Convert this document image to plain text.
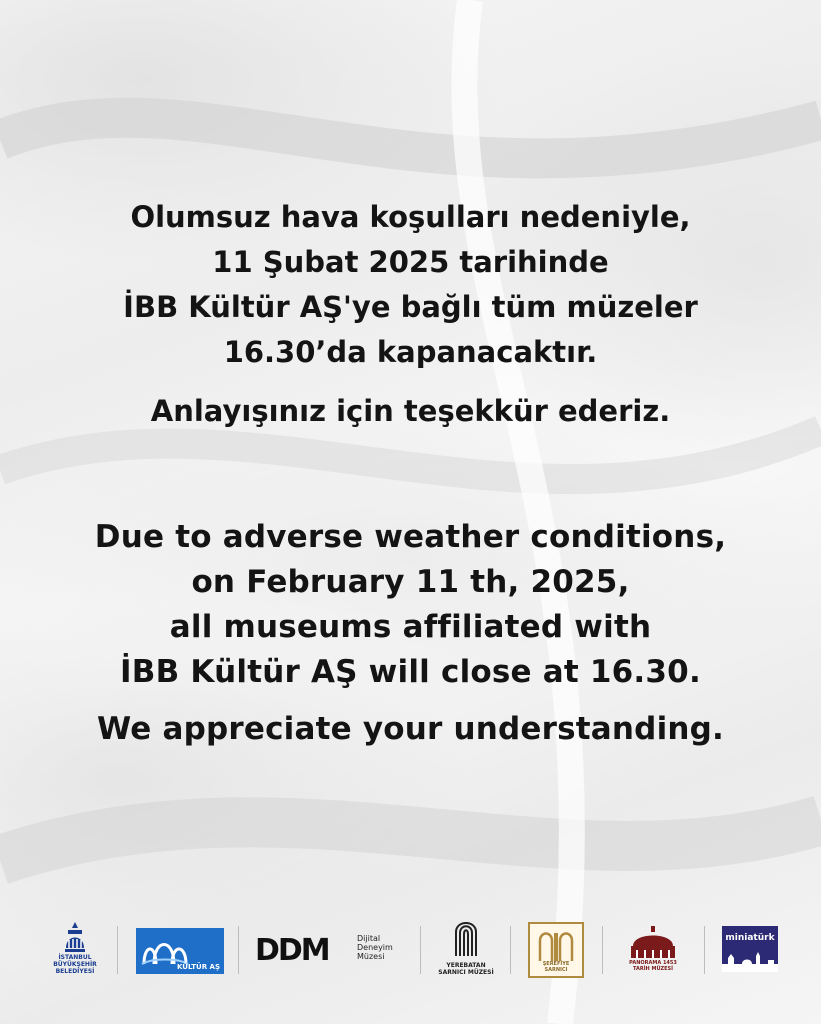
Olumsuz hava koşulları nedeniyle,
11 Şubat 2025 tarihinde
İBB Kültür AŞ'ye bağlı tüm müzeler
16.30’da kapanacaktır.
Anlayışınız için teşekkür ederiz.
Due to adverse weather conditions,
on February 11 th, 2025,
all museums affiliated with
İBB Kültür AŞ will close at 16.30.
We appreciate your understanding.
İSTANBUL
BÜYÜKŞEHİR
BELEDİYESİ
KÜLTÜR AŞ DDM	Dijital
Deneyim
Müzesi
YEREBATAN
SARNICI MÜZESİ
ŞEREFİYE
SARNICI
PANORAMA 1453
TARİH MÜZESİ
miniatürk
